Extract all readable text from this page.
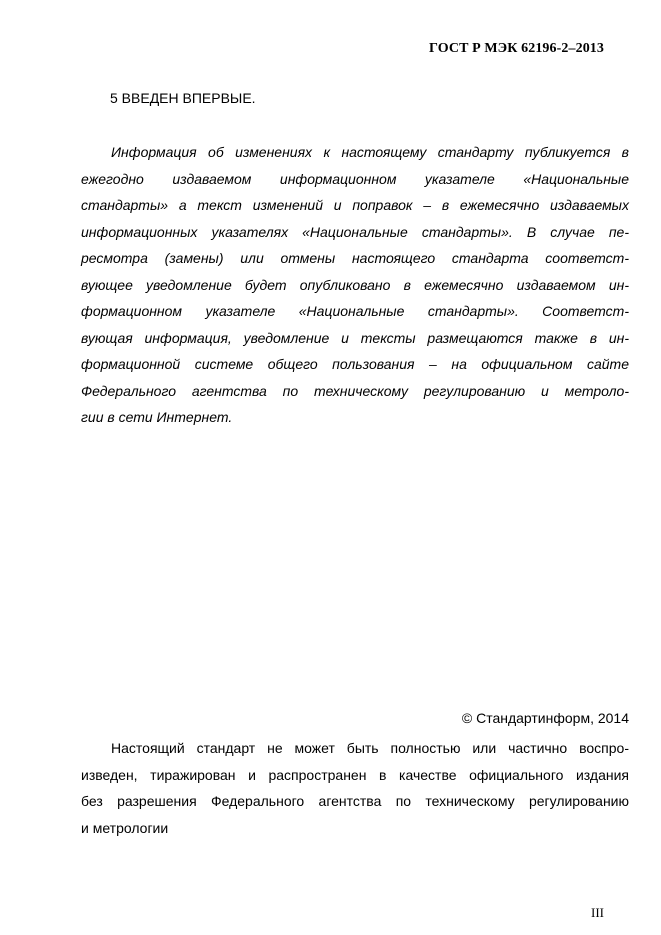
ГОСТ Р МЭК 62196-2–2013
5 ВВЕДЕН ВПЕРВЫЕ.
Информация об изменениях к настоящему стандарту публикуется в
ежегодно издаваемом информационном указателе «Национальные
стандарты» а текст изменений и поправок – в ежемесячно издаваемых
информационных указателях «Национальные стандарты». В случае пе-
ресмотра (замены) или отмены настоящего стандарта соответст-
вующее уведомление будет опубликовано в ежемесячно издаваемом ин-
формационном указателе «Национальные стандарты». Соответст-
вующая информация, уведомление и тексты размещаются также в ин-
формационной системе общего пользования – на официальном сайте
Федерального агентства по техническому регулированию и метроло-
гии в сети Интернет.
© Стандартинформ, 2014
Настоящий стандарт не может быть полностью или частично воспро-
изведен, тиражирован и распространен в качестве официального издания
без разрешения Федерального агентства по техническому регулированию
и метрологии
III
